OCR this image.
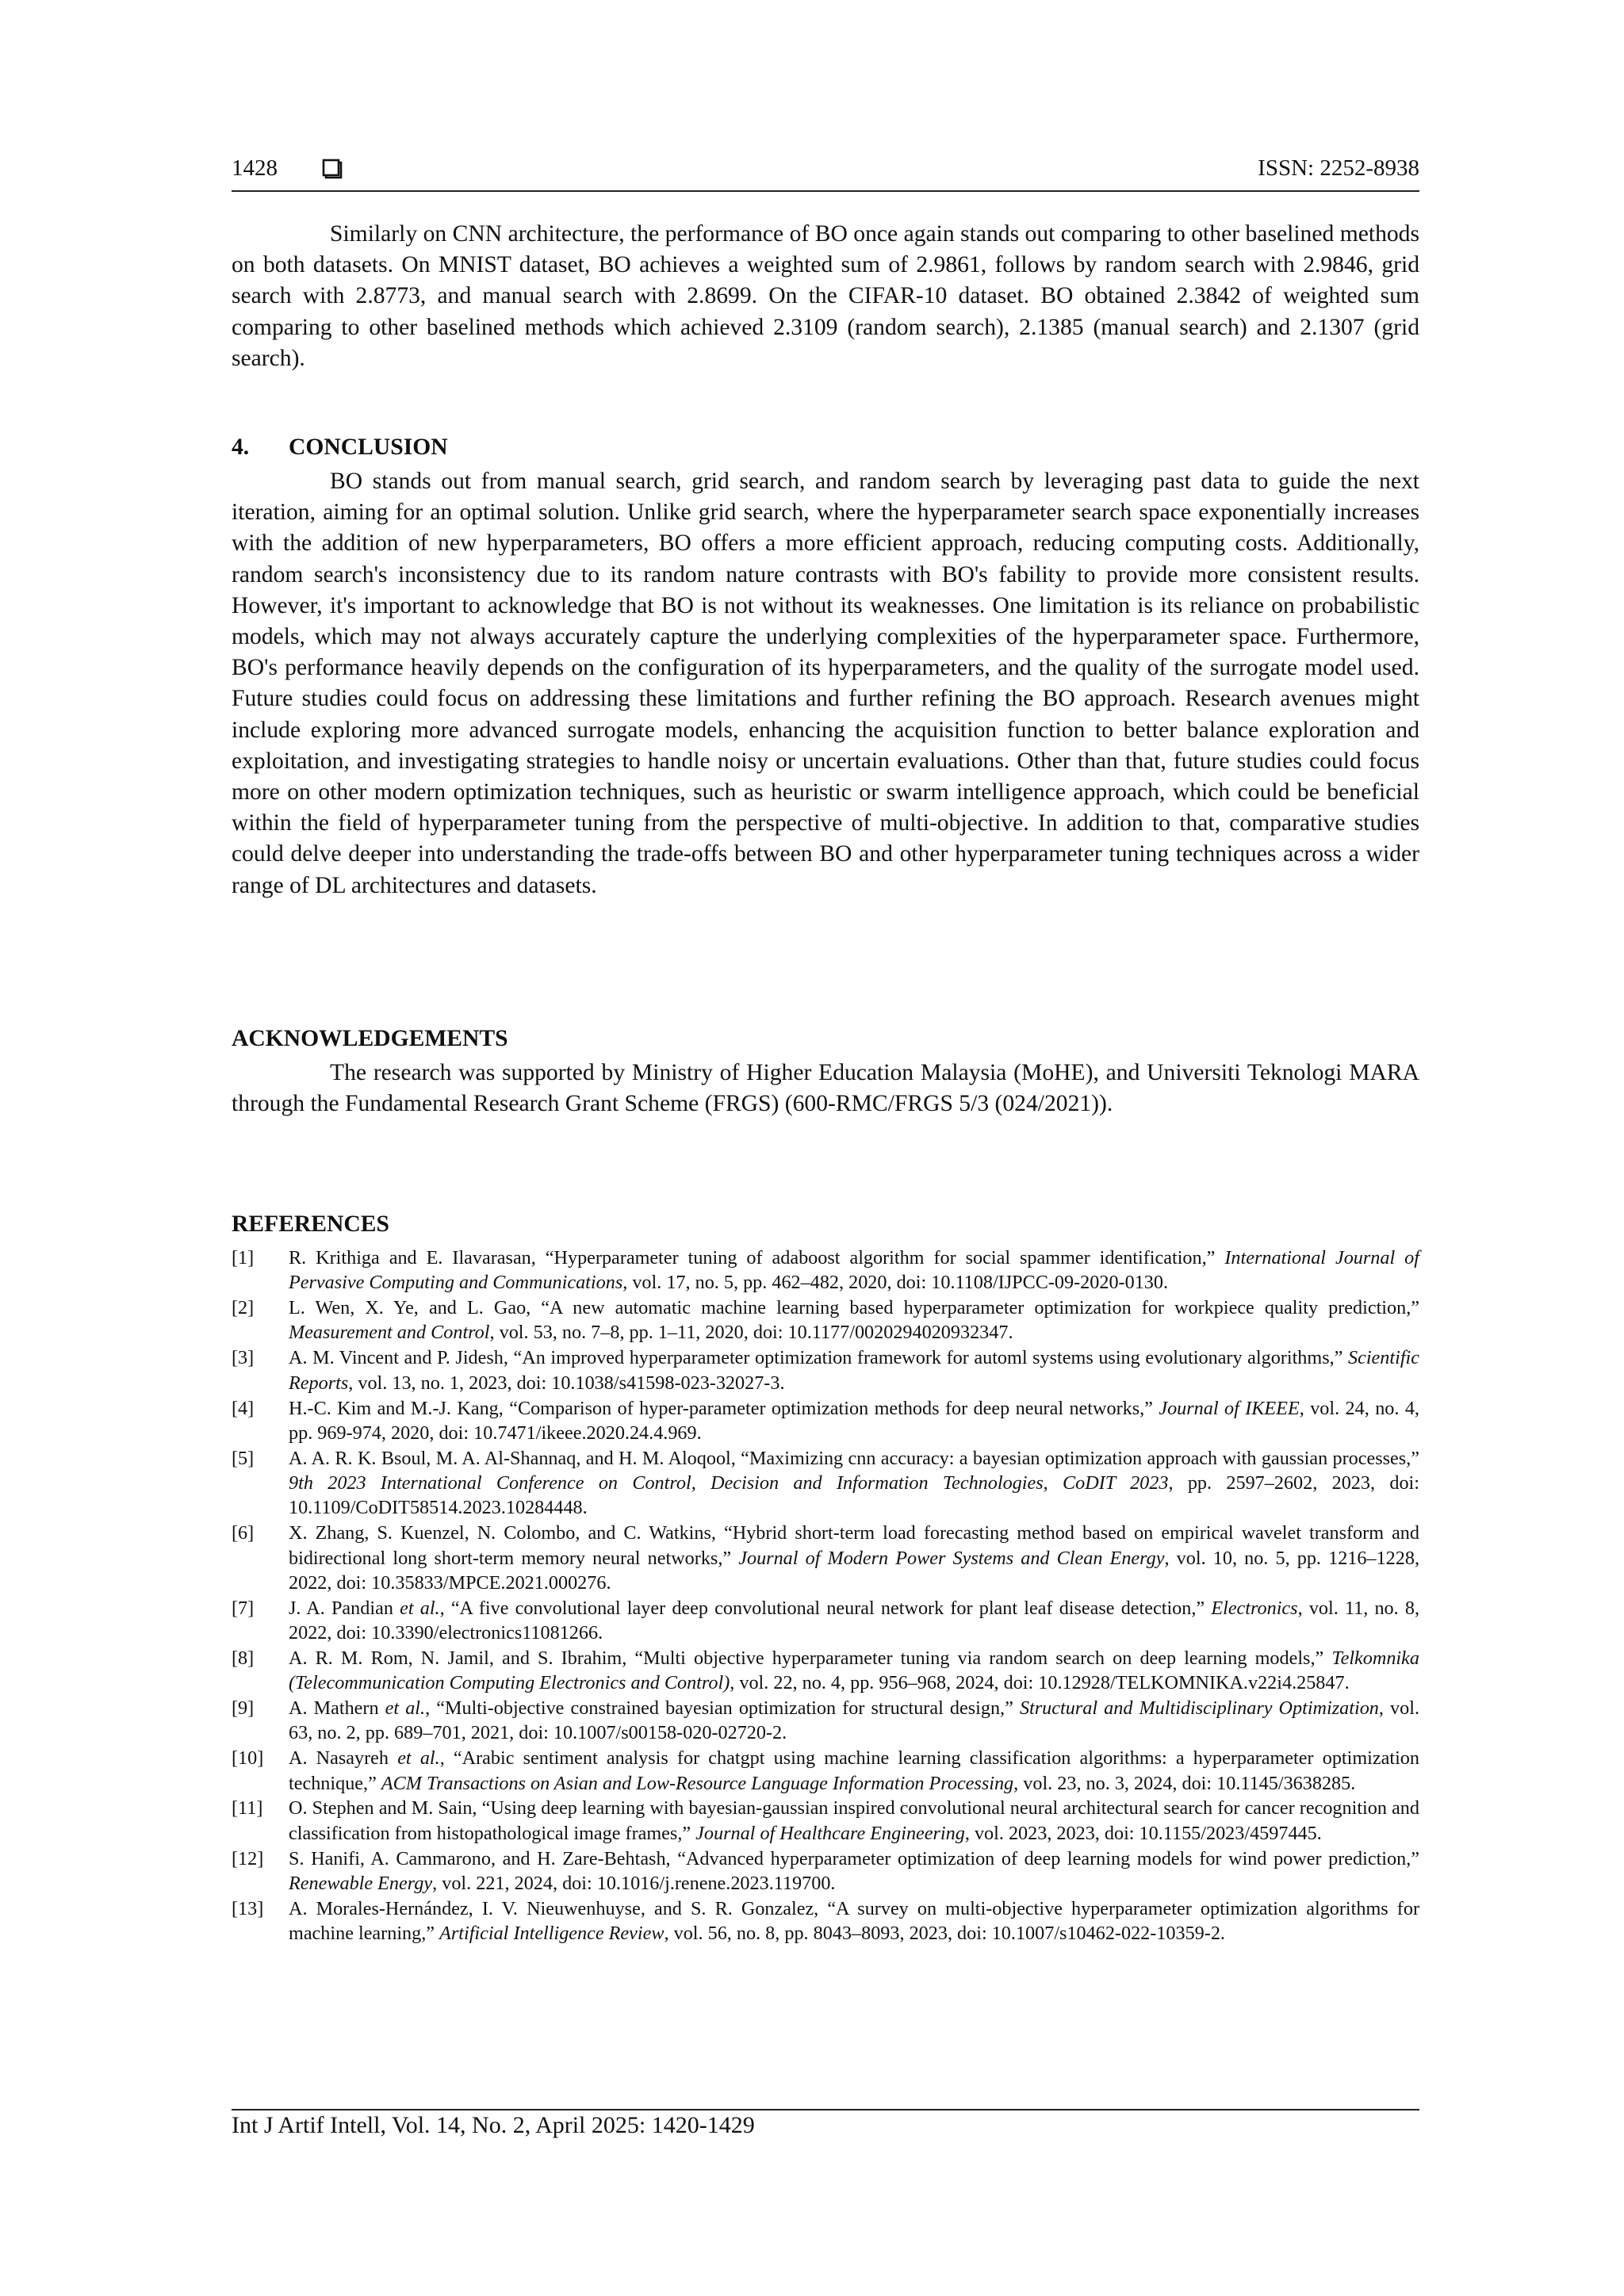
1428	ISSN: 2252-8938

Similarly on CNN architecture, the performance of BO once again stands out comparing to other baselined methods on both datasets. On MNIST dataset, BO achieves a weighted sum of 2.9861, follows by random search with 2.9846, grid search with 2.8773, and manual search with 2.8699. On the CIFAR-10 dataset. BO obtained 2.3842 of weighted sum comparing to other baselined methods which achieved 2.3109 (random search), 2.1385 (manual search) and 2.1307 (grid search).

4. CONCLUSION

BO stands out from manual search, grid search, and random search by leveraging past data to guide the next iteration, aiming for an optimal solution. Unlike grid search, where the hyperparameter search space exponentially increases with the addition of new hyperparameters, BO offers a more efficient approach, reducing computing costs. Additionally, random search's inconsistency due to its random nature contrasts with BO's fability to provide more consistent results. However, it's important to acknowledge that BO is not without its weaknesses. One limitation is its reliance on probabilistic models, which may not always accurately capture the underlying complexities of the hyperparameter space. Furthermore, BO's performance heavily depends on the configuration of its hyperparameters, and the quality of the surrogate model used. Future studies could focus on addressing these limitations and further refining the BO approach. Research avenues might include exploring more advanced surrogate models, enhancing the acquisition function to better balance exploration and exploitation, and investigating strategies to handle noisy or uncertain evaluations. Other than that, future studies could focus more on other modern optimization techniques, such as heuristic or swarm intelligence approach, which could be beneficial within the field of hyperparameter tuning from the perspective of multi-objective. In addition to that, comparative studies could delve deeper into understanding the trade-offs between BO and other hyperparameter tuning techniques across a wider range of DL architectures and datasets.

ACKNOWLEDGEMENTS

The research was supported by Ministry of Higher Education Malaysia (MoHE), and Universiti Teknologi MARA through the Fundamental Research Grant Scheme (FRGS) (600-RMC/FRGS 5/3 (024/2021)).

REFERENCES
[1]	R. Krithiga and E. Ilavarasan, “Hyperparameter tuning of adaboost algorithm for social spammer identification,” International Journal of Pervasive Computing and Communications, vol. 17, no. 5, pp. 462–482, 2020, doi: 10.1108/IJPCC-09-2020-0130.
[2]	L. Wen, X. Ye, and L. Gao, “A new automatic machine learning based hyperparameter optimization for workpiece quality prediction,” Measurement and Control, vol. 53, no. 7–8, pp. 1–11, 2020, doi: 10.1177/0020294020932347.
[3]	A. M. Vincent and P. Jidesh, “An improved hyperparameter optimization framework for automl systems using evolutionary algorithms,” Scientific Reports, vol. 13, no. 1, 2023, doi: 10.1038/s41598-023-32027-3.
[4]	H.-C. Kim and M.-J. Kang, “Comparison of hyper-parameter optimization methods for deep neural networks,” Journal of IKEEE, vol. 24, no. 4, pp. 969-974, 2020, doi: 10.7471/ikeee.2020.24.4.969.
[5]	A. A. R. K. Bsoul, M. A. Al-Shannaq, and H. M. Aloqool, “Maximizing cnn accuracy: a bayesian optimization approach with gaussian processes,” 9th 2023 International Conference on Control, Decision and Information Technologies, CoDIT 2023, pp. 2597–2602, 2023, doi: 10.1109/CoDIT58514.2023.10284448.
[6]	X. Zhang, S. Kuenzel, N. Colombo, and C. Watkins, “Hybrid short-term load forecasting method based on empirical wavelet transform and bidirectional long short-term memory neural networks,” Journal of Modern Power Systems and Clean Energy, vol. 10, no. 5, pp. 1216–1228, 2022, doi: 10.35833/MPCE.2021.000276.
[7]	J. A. Pandian et al., “A five convolutional layer deep convolutional neural network for plant leaf disease detection,” Electronics, vol. 11, no. 8, 2022, doi: 10.3390/electronics11081266.
[8]	A. R. M. Rom, N. Jamil, and S. Ibrahim, “Multi objective hyperparameter tuning via random search on deep learning models,” Telkomnika (Telecommunication Computing Electronics and Control), vol. 22, no. 4, pp. 956–968, 2024, doi: 10.12928/TELKOMNIKA.v22i4.25847.
[9]	A. Mathern et al., “Multi-objective constrained bayesian optimization for structural design,” Structural and Multidisciplinary Optimization, vol. 63, no. 2, pp. 689–701, 2021, doi: 10.1007/s00158-020-02720-2.
[10]	A. Nasayreh et al., “Arabic sentiment analysis for chatgpt using machine learning classification algorithms: a hyperparameter optimization technique,” ACM Transactions on Asian and Low-Resource Language Information Processing, vol. 23, no. 3, 2024, doi: 10.1145/3638285.
[11]	O. Stephen and M. Sain, “Using deep learning with bayesian-gaussian inspired convolutional neural architectural search for cancer recognition and classification from histopathological image frames,” Journal of Healthcare Engineering, vol. 2023, 2023, doi: 10.1155/2023/4597445.
[12]	S. Hanifi, A. Cammarono, and H. Zare-Behtash, “Advanced hyperparameter optimization of deep learning models for wind power prediction,” Renewable Energy, vol. 221, 2024, doi: 10.1016/j.renene.2023.119700.
[13]	A. Morales-Hernández, I. V. Nieuwenhuyse, and S. R. Gonzalez, “A survey on multi-objective hyperparameter optimization algorithms for machine learning,” Artificial Intelligence Review, vol. 56, no. 8, pp. 8043–8093, 2023, doi: 10.1007/s10462-022-10359-2.
Int J Artif Intell, Vol. 14, No. 2, April 2025: 1420-1429
